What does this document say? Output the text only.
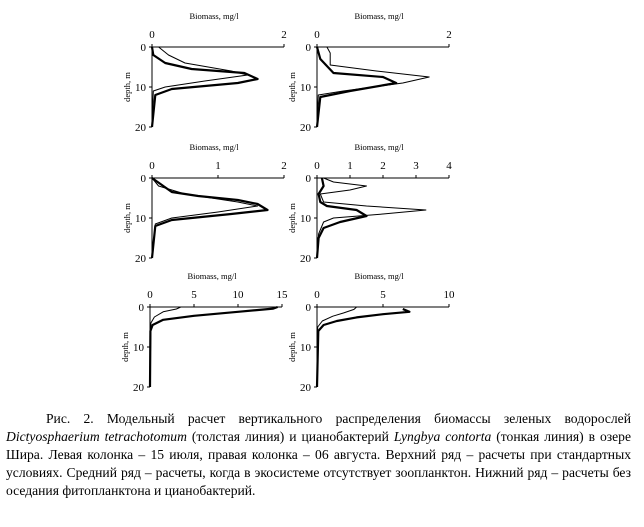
0	2
0
10
20
Biomass, mg/l
depth, m
0	2
0
10
20
Biomass, mg/l
depth, m
0	1	2
0
10
20
Biomass, mg/l
depth, m
0	1	2	3	4
0
10
20
Biomass, mg/l
depth, m
0	5	10	15
0
10
20
Biomass, mg/l
depth, m
0	5	10
0
10
20
Biomass, mg/l
depth, m

Рис. 2. Модельный расчет вертикального распределения биомассы зеленых водорослей Dictyosphaerium tetrachotomum (толстая линия) и цианобактерий Lyngbya contorta (тонкая линия) в озере Шира. Левая колонка – 15 июля, правая колонка – 06 августа. Верхний ряд – расчеты при стандартных условиях. Средний ряд – расчеты, когда в экосистеме отсутствует зоопланктон. Нижний ряд – расчеты без оседания фитопланктона и цианобактерий.
